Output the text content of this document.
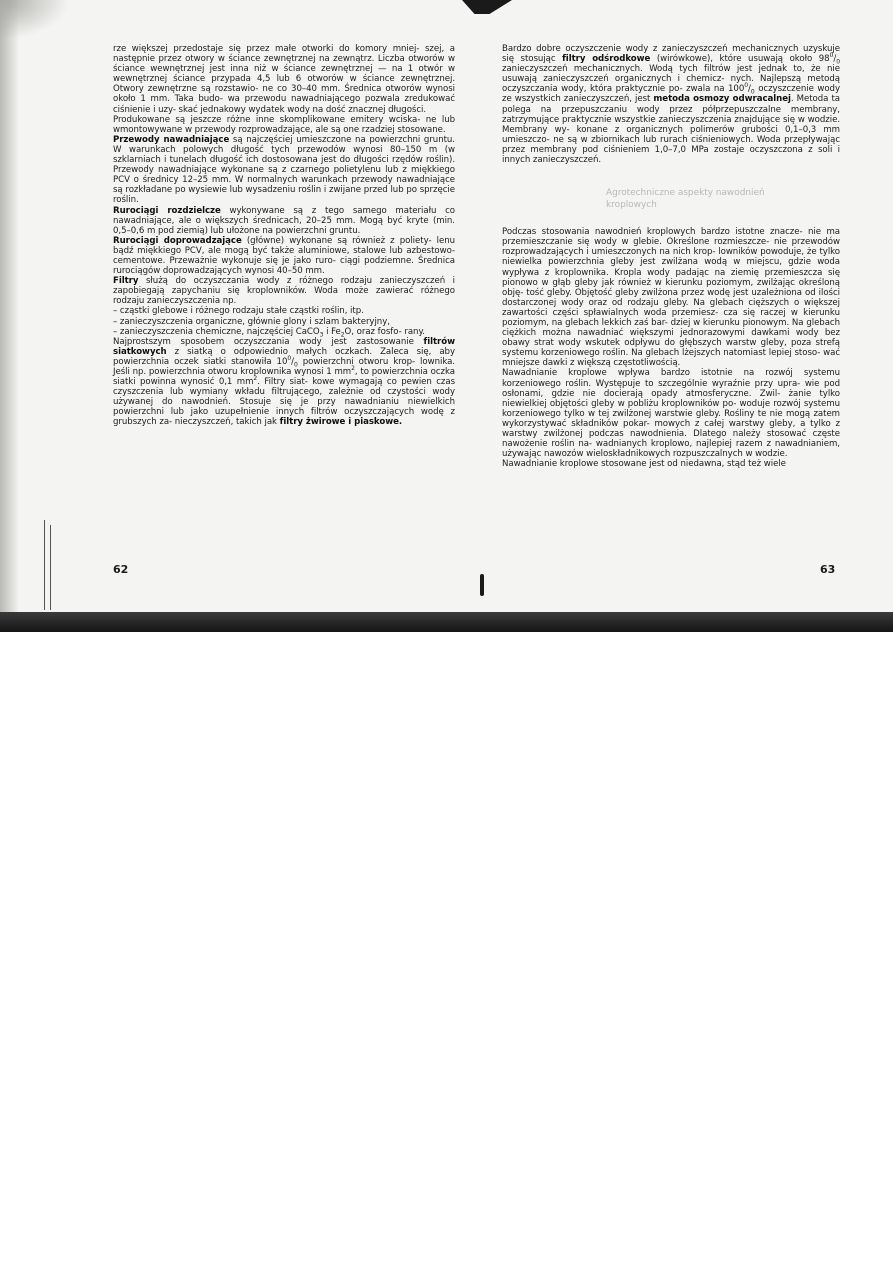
rze większej przedostaje się przez małe otworki do komory mniej- szej, a następnie przez otwory w ściance zewnętrznej na zewnątrz. Liczba otworów w ściance wewnętrznej jest inna niż w ściance zewnętrznej — na 1 otwór w wewnętrznej ściance przypada 4,5 lub 6 otworów w ściance zewnętrznej. Otwory zewnętrzne są rozstawio- ne co 30–40 mm. Średnica otworów wynosi około 1 mm. Taka budo- wa przewodu nawadniającego pozwala zredukować ciśnienie i uzy- skać jednakowy wydatek wody na dość znacznej długości.

Produkowane są jeszcze różne inne skomplikowane emitery wciska- ne lub wmontowywane w przewody rozprowadzające, ale są one rzadziej stosowane.

Przewody nawadniające są najczęściej umieszczone na powierzchni gruntu. W warunkach polowych długość tych przewodów wynosi 80–150 m (w szklarniach i tunelach długość ich dostosowana jest do długości rzędów roślin). Przewody nawadniające wykonane są z czarnego polietylenu lub z miękkiego PCV o średnicy 12–25 mm. W normalnych warunkach przewody nawadniające są rozkładane po wysiewie lub wysadzeniu roślin i zwijane przed lub po sprzęcie roślin.

Rurociągi rozdzielcze wykonywane są z tego samego materiału co nawadniające, ale o większych średnicach, 20–25 mm. Mogą być kryte (min. 0,5–0,6 m pod ziemią) lub ułożone na powierzchni gruntu.

Rurociągi doprowadzające (główne) wykonane są również z poliety- lenu bądź miękkiego PCV, ale mogą być także aluminiowe, stalowe lub azbestowo-cementowe. Przeważnie wykonuje się je jako ruro- ciągi podziemne. Średnica rurociągów doprowadzających wynosi 40–50 mm.

Filtry służą do oczyszczania wody z różnego rodzaju zanieczyszczeń i zapobiegają zapychaniu się kroplowników. Woda może zawierać różnego rodzaju zanieczyszczenia np.

– cząstki glebowe i różnego rodzaju stałe cząstki roślin, itp.

– zanieczyszczenia organiczne, głównie glony i szlam bakteryjny,

– zanieczyszczenia chemiczne, najczęściej CaCO$_3$ i $Fe_2O$, oraz fosfo- rany.

Najprostszym sposobem oczyszczania wody jest zastosowanie filtrów siatkowych z siatką o odpowiednio małych oczkach. Zaleca się, aby powierzchnia oczek siatki stanowiła $10^0/_0$ powierzchni otworu krop- lownika. Jeśli np. powierzchnia otworu kroplownika wynosi 1 $mm^2$, to powierzchnia oczka siatki powinna wynosić 0,1 $mm^2$. Filtry siat- kowe wymagają co pewien czas czyszczenia lub wymiany wkładu filtrującego, zależnie od czystości wody używanej do nawodnień. Stosuje się je przy nawadnianiu niewielkich powierzchni lub jako uzupełnienie innych filtrów oczyszczających wodę z grubszych za- nieczyszczeń, takich jak filtry żwirowe i piaskowe.

62

Bardzo dobre oczyszczenie wody z zanieczyszczeń mechanicznych uzyskuje się stosując filtry odśrodkowe (wirówkowe), które usuwają około $98^0/_0$ zanieczyszczeń mechanicznych. Wodą tych filtrów jest jednak to, że nie usuwają zanieczyszczeń organicznych i chemicz- nych. Najlepszą metodą oczyszczania wody, która praktycznie po- zwala na $100^0/_0$ oczyszczenie wody ze wszystkich zanieczyszczeń, jest metoda osmozy odwracalnej. Metoda ta polega na przepuszczaniu wody przez półprzepuszczalne membrany, zatrzymujące praktycznie wszystkie zanieczyszczenia znajdujące się w wodzie. Membrany wy- konane z organicznych polimerów grubości 0,1–0,3 mm umieszczo- ne są w zbiornikach lub rurach ciśnieniowych. Woda przepływając przez membrany pod ciśnieniem 1,0–7,0 MPa zostaje oczyszczona z soli i innych zanieczyszczeń.

Agrotechniczne aspekty nawodnień
kroplowych

Podczas stosowania nawodnień kroplowych bardzo istotne znacze- nie ma przemieszczanie się wody w glebie. Określone rozmieszcze- nie przewodów rozprowadzających i umieszczonych na nich krop- lowników powoduje, że tylko niewielka powierzchnia gleby jest zwilżana wodą w miejscu, gdzie woda wypływa z kroplownika. Kropla wody padając na ziemię przemieszcza się pionowo w głąb gleby jak również w kierunku poziomym, zwilżając określoną obję- tość gleby. Objętość gleby zwilżona przez wodę jest uzależniona od ilości dostarczonej wody oraz od rodzaju gleby. Na glebach cięższych o większej zawartości części spławialnych woda przemiesz- cza się raczej w kierunku poziomym, na glebach lekkich zaś bar- dziej w kierunku pionowym. Na glebach ciężkich można nawadniać większymi jednorazowymi dawkami wody bez obawy strat wody wskutek odpływu do głębszych warstw gleby, poza strefą systemu korzeniowego roślin. Na glebach lżejszych natomiast lepiej stoso- wać mniejsze dawki z większą częstotliwością.

Nawadnianie kroplowe wpływa bardzo istotnie na rozwój systemu korzeniowego roślin. Występuje to szczególnie wyraźnie przy upra- wie pod osłonami, gdzie nie docierają opady atmosferyczne. Zwil- żanie tylko niewielkiej objętości gleby w pobliżu kroplowników po- woduje rozwój systemu korzeniowego tylko w tej zwilżonej warstwie gleby. Rośliny te nie mogą zatem wykorzystywać składników pokar- mowych z całej warstwy gleby, a tylko z warstwy zwilżonej podczas nawodnienia. Dlatego należy stosować częste nawożenie roślin na- wadnianych kroplowo, najlepiej razem z nawadnianiem, używając nawozów wieloskładnikowych rozpuszczalnych w wodzie.

Nawadnianie kroplowe stosowane jest od niedawna, stąd też wiele

63
